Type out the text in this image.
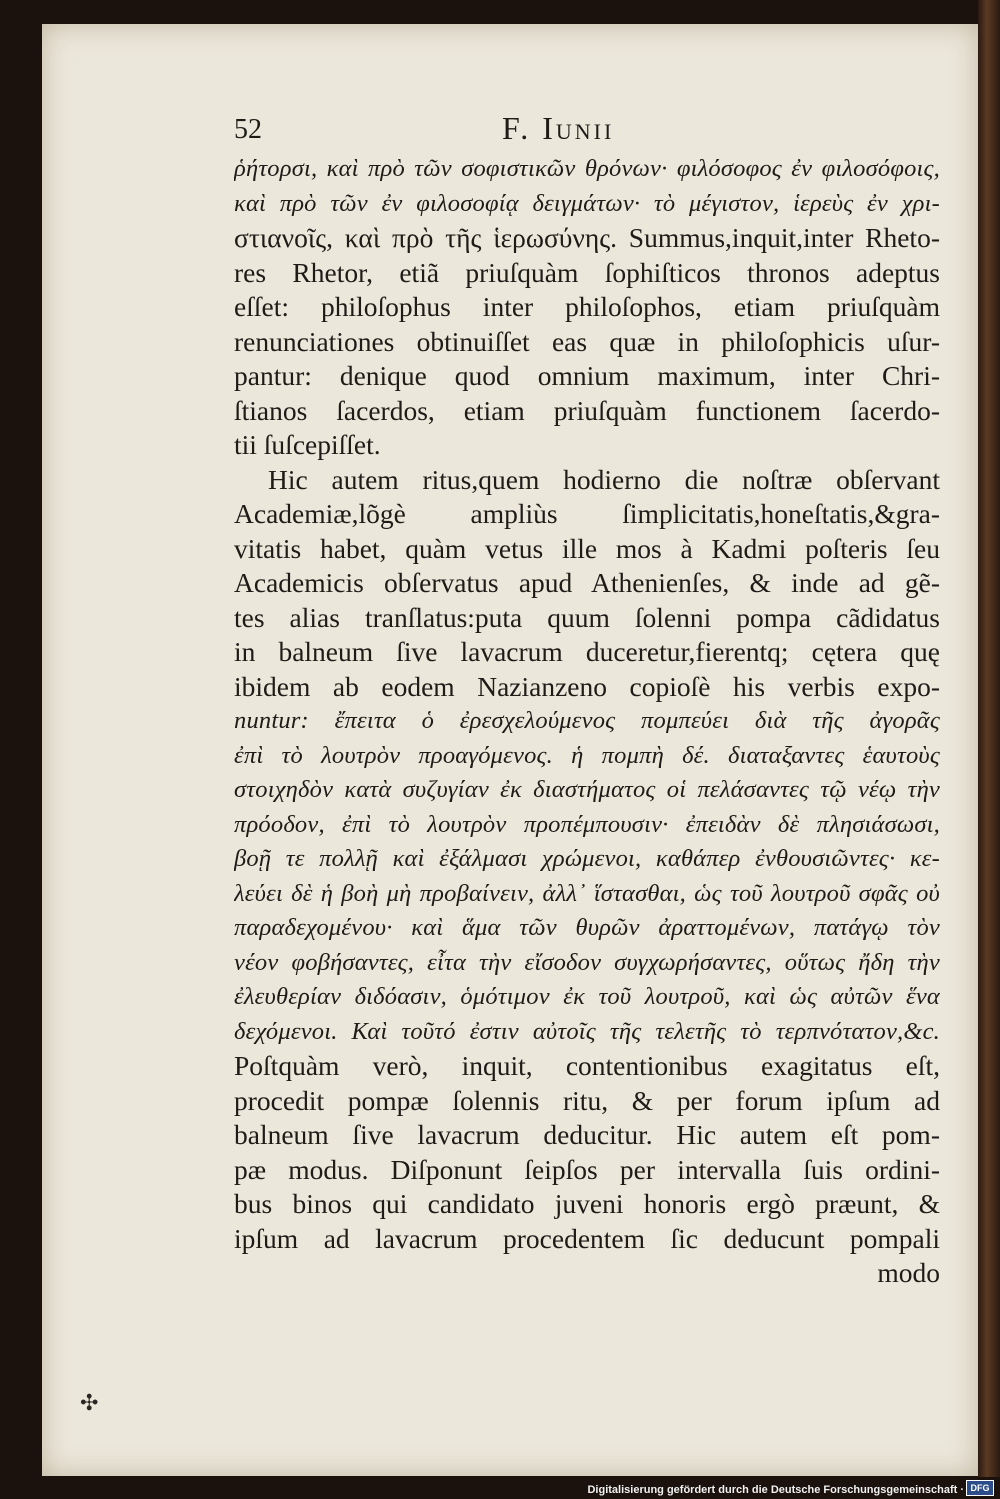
52	F. Iunii
ῥήτορσι, καὶ πρὸ τῶν σοφιστικῶν θρόνων· φιλόσοφος ἐν φιλοσόφοις,
καὶ πρὸ τῶν ἐν φιλοσοφίᾳ δειγμάτων· τὸ μέγιστον, ἱερεὺς ἐν χρι-
στιανοῖς, καὶ πρὸ τῆς ἱερωσύνης. Summus,inquit,inter Rheto-
res Rhetor, etiã priuſquàm ſophiſticos thronos adeptus
eſſet: philoſophus inter philoſophos, etiam priuſquàm
renunciationes obtinuiſſet eas quæ in philoſophicis uſur-
pantur: denique quod omnium maximum, inter Chri-
ſtianos ſacerdos, etiam priuſquàm functionem ſacerdo-
tii ſuſcepiſſet.
Hic autem ritus,quem hodierno die noſtræ obſervant
Academiæ,lõgè ampliùs ſimplicitatis,honeſtatis,&gra-
vitatis habet, quàm vetus ille mos à Kadmi poſteris ſeu
Academicis obſervatus apud Athenienſes, & inde ad gẽ-
tes alias tranſlatus:puta quum ſolenni pompa cãdidatus
in balneum ſive lavacrum duceretur,fierentq; cętera quę
ibidem ab eodem Nazianzeno copioſè his verbis expo-
nuntur: ἔπειτα ὁ ἐρεσχελούμενος πομπεύει διὰ τῆς ἀγορᾶς
ἐπὶ τὸ λουτρὸν προαγόμενος. ἡ πομπὴ δέ. διαταξαντες ἑαυτοὺς
στοιχηδὸν κατὰ συζυγίαν ἐκ διαστήματος οἱ πελάσαντες τῷ νέῳ τὴν
πρόοδον, ἐπὶ τὸ λουτρὸν προπέμπουσιν· ἐπειδὰν δὲ πλησιάσωσι,
βοῇ τε πολλῇ καὶ ἐξάλμασι χρώμενοι, καθάπερ ἐνθουσιῶντες· κε-
λεύει δὲ ἡ βοὴ μὴ προβαίνειν, ἀλλ᾽ ἵστασθαι, ὡς τοῦ λουτροῦ σφᾶς οὐ
παραδεχομένου· καὶ ἅμα τῶν θυρῶν ἀραττομένων, πατάγῳ τὸν
νέον φοβήσαντες, εἶτα τὴν εἴσοδον συγχωρήσαντες, οὕτως ἤδη τὴν
ἐλευθερίαν διδόασιν, ὁμότιμον ἐκ τοῦ λουτροῦ, καὶ ὡς αὐτῶν ἕνα
δεχόμενοι. Καὶ τοῦτό ἐστιν αὐτοῖς τῆς τελετῆς τὸ τερπνότατον,&c.
Poſtquàm verò, inquit, contentionibus exagitatus eſt,
procedit pompæ ſolennis ritu, & per forum ipſum ad
balneum ſive lavacrum deducitur. Hic autem eſt pom-
pæ modus. Diſponunt ſeipſos per intervalla ſuis ordini-
bus binos qui candidato juveni honoris ergò præunt, &
ipſum ad lavacrum procedentem ſic deducunt pompali
modo
✣
Digitalisierung gefördert durch die Deutsche Forschungsgemeinschaft · DFG
